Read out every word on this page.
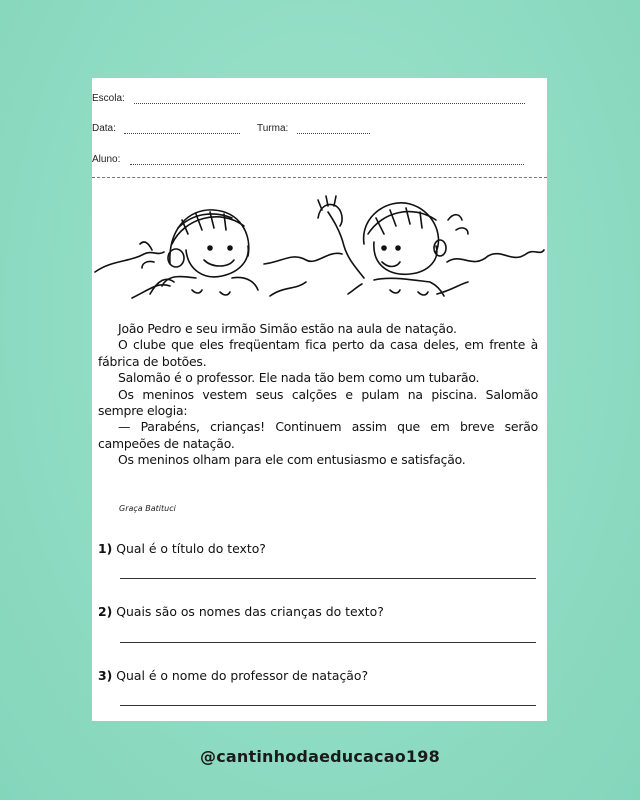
Escola:
Data:	Turma:
Aluno:

João Pedro e seu irmão Simão estão na aula de natação.

O clube que eles freqüentam fica perto da casa deles, em frente à fábrica de botões.

Salomão é o professor. Ele nada tão bem como um tubarão.

Os meninos vestem seus calções e pulam na piscina. Salomão sempre elogia:

— Parabéns, crianças! Continuem assim que em breve serão campeões de natação.

Os meninos olham para ele com entusiasmo e satisfação.

Graça Batituci
1) Qual é o título do texto?
2) Quais são os nomes das crianças do texto?
3) Qual é o nome do professor de natação?
@cantinhodaeducacao198
